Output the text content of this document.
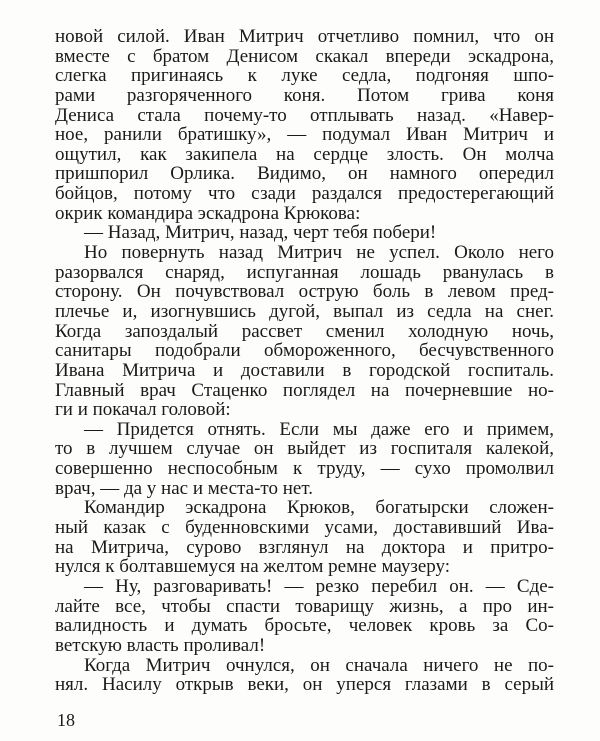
новой силой. Иван Митрич отчетливо помнил, что он
вместе с братом Денисом скакал впереди эскадрона,
слегка пригинаясь к луке седла, подгоняя шпо-
рами разгоряченного коня. Потом грива коня
Дениса стала почему-то отплывать назад. «Навер-
ное, ранили братишку», — подумал Иван Митрич и
ощутил, как закипела на сердце злость. Он молча
пришпорил Орлика. Видимо, он намного опередил
бойцов, потому что сзади раздался предостерегающий
окрик командира эскадрона Крюкова:
— Назад, Митрич, назад, черт тебя побери!
Но повернуть назад Митрич не успел. Около него
разорвался снаряд, испуганная лошадь рванулась в
сторону. Он почувствовал острую боль в левом пред-
плечье и, изогнувшись дугой, выпал из седла на снег.
Когда запоздалый рассвет сменил холодную ночь,
санитары подобрали обмороженного, бесчувственного
Ивана Митрича и доставили в городской госпиталь.
Главный врач Стаценко поглядел на почерневшие но-
ги и покачал головой:
— Придется отнять. Если мы даже его и примем,
то в лучшем случае он выйдет из госпиталя калекой,
совершенно неспособным к труду, — сухо промолвил
врач, — да у нас и места-то нет.
Командир эскадрона Крюков, богатырски сложен-
ный казак с буденновскими усами, доставивший Ива-
на Митрича, сурово взглянул на доктора и притро-
нулся к болтавшемуся на желтом ремне маузеру:
— Ну, разговаривать! — резко перебил он. — Сде-
лайте все, чтобы спасти товарищу жизнь, а про ин-
валидность и думать бросьте, человек кровь за Со-
ветскую власть проливал!
Когда Митрич очнулся, он сначала ничего не по-
нял. Насилу открыв веки, он уперся глазами в серый
18
